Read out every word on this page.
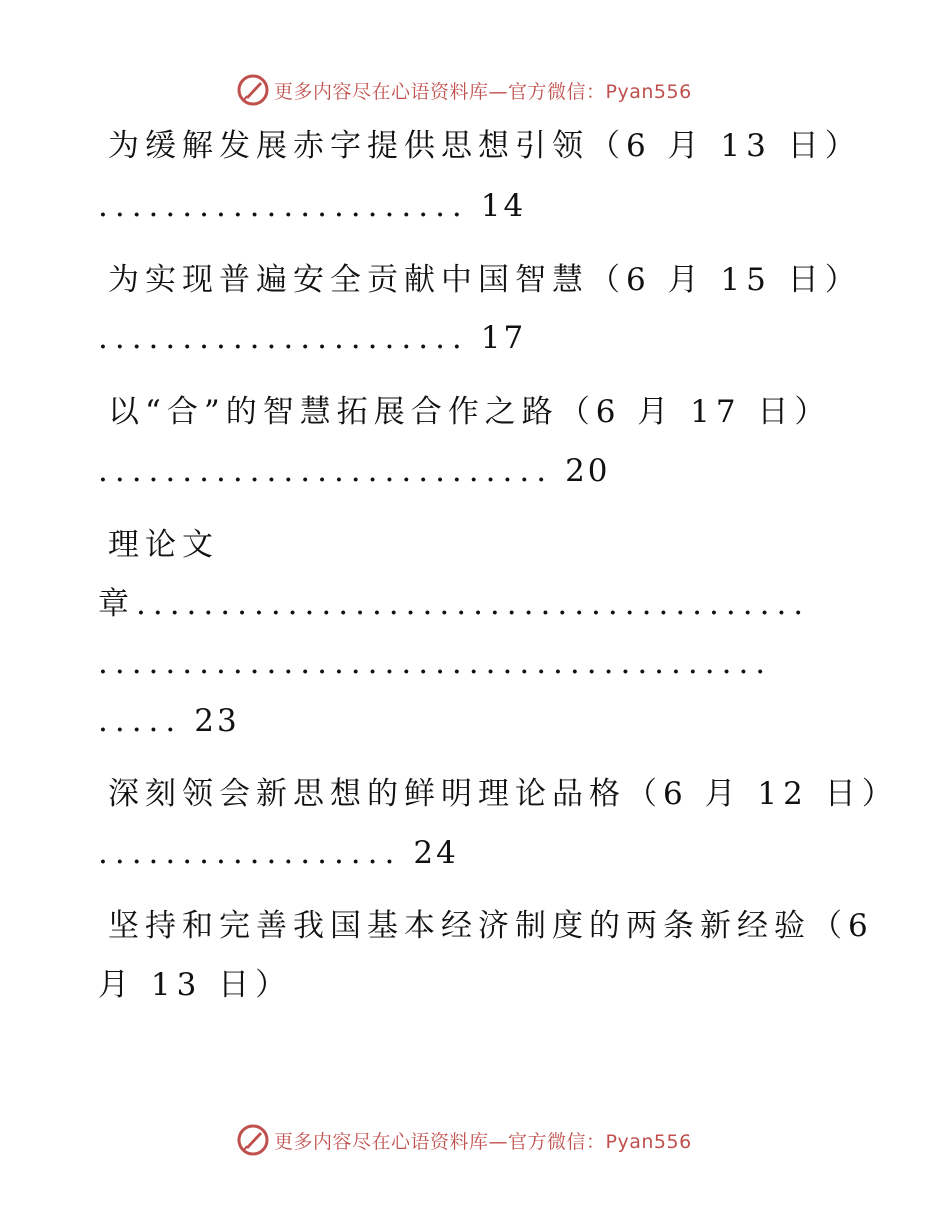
更多内容尽在心语资料库—官方微信：Pyan556
为缓解发展赤字提供思想引领（6 月 13 日）
...................... 14
为实现普遍安全贡献中国智慧（6 月 15 日）
...................... 17
以“合”的智慧拓展合作之路（6 月 17 日）
........................... 20
理论文
章........................................
........................................
..... 23
深刻领会新思想的鲜明理论品格（6 月 12 日）
.................. 24
坚持和完善我国基本经济制度的两条新经验（6
月 13 日）
更多内容尽在心语资料库—官方微信：Pyan556
